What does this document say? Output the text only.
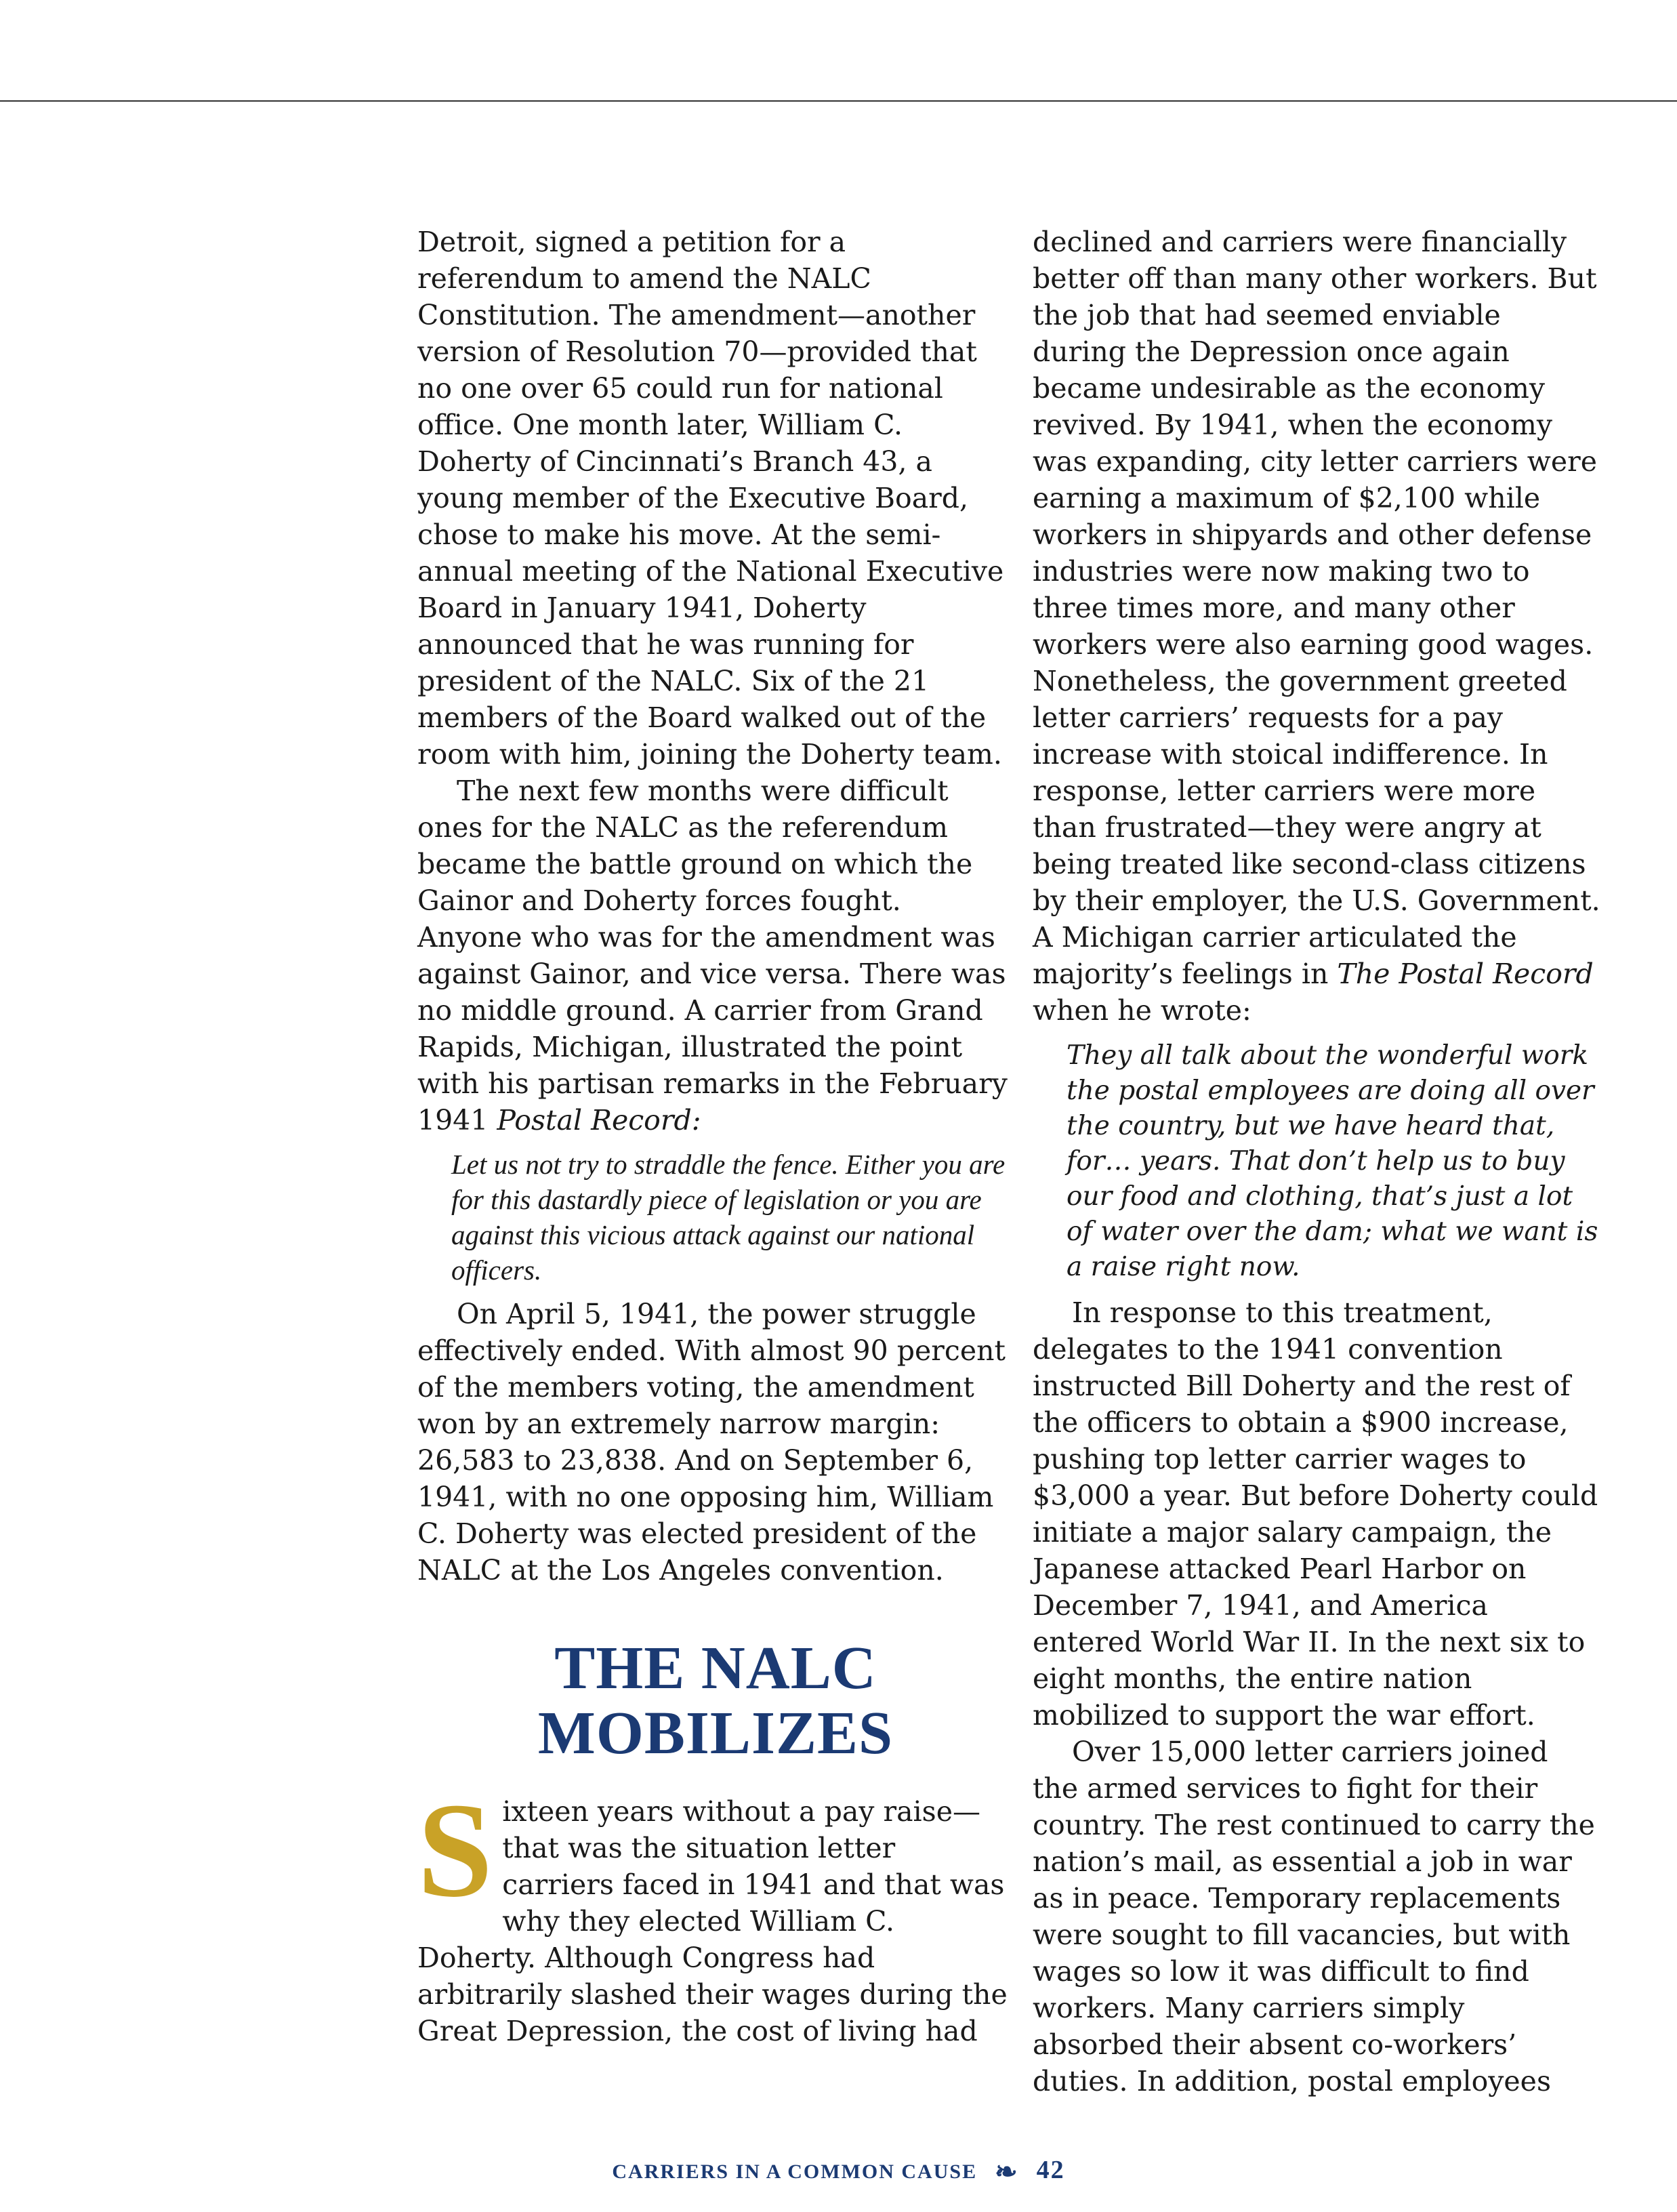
Detroit, signed a petition for a referendum to amend the NALC Constitution. The amendment—another version of Resolution 70—provided that no one over 65 could run for national office. One month later, William C. Doherty of Cincinnati’s Branch 43, a young member of the Executive Board, chose to make his move. At the semi-annual meeting of the National Executive Board in January 1941, Doherty announced that he was running for president of the NALC. Six of the 21 members of the Board walked out of the room with him, joining the Doherty team.

The next few months were difficult ones for the NALC as the referendum became the battle ground on which the Gainor and Doherty forces fought. Anyone who was for the amendment was against Gainor, and vice versa. There was no middle ground. A carrier from Grand Rapids, Michigan, illustrated the point with his partisan remarks in the February 1941 Postal Record:

Let us not try to straddle the fence. Either you are for this dastardly piece of legislation or you are against this vicious attack against our national officers.

On April 5, 1941, the power struggle effectively ended. With almost 90 percent of the members voting, the amendment won by an extremely narrow margin: 26,583 to 23,838. And on September 6, 1941, with no one opposing him, William C. Doherty was elected president of the NALC at the Los Angeles convention.

THE NALC
MOBILIZES

Sixteen years without a pay raise—that was the situation letter carriers faced in 1941 and that was why they elected William C. Doherty. Although Congress had arbitrarily slashed their wages during the Great Depression, the cost of living had

declined and carriers were financially better off than many other workers. But the job that had seemed enviable during the Depression once again became undesirable as the economy revived. By 1941, when the economy was expanding, city letter carriers were earning a maximum of $2,100 while workers in shipyards and other defense industries were now making two to three times more, and many other workers were also earning good wages. Nonetheless, the government greeted letter carriers’ requests for a pay increase with stoical indifference. In response, letter carriers were more than frustrated—they were angry at being treated like second-class citizens by their employer, the U.S. Government. A Michigan carrier articulated the majority’s feelings in The Postal Record when he wrote:

They all talk about the wonderful work the postal employees are doing all over the country, but we have heard that, for… years. That don’t help us to buy our food and clothing, that’s just a lot of water over the dam; what we want is a raise right now.

In response to this treatment, delegates to the 1941 convention instructed Bill Doherty and the rest of the officers to obtain a $900 increase, pushing top letter carrier wages to $3,000 a year. But before Doherty could initiate a major salary campaign, the Japanese attacked Pearl Harbor on December 7, 1941, and America entered World War II. In the next six to eight months, the entire nation mobilized to support the war effort.

Over 15,000 letter carriers joined the armed services to fight for their country. The rest continued to carry the nation’s mail, as essential a job in war as in peace. Temporary replacements were sought to fill vacancies, but with wages so low it was difficult to find workers. Many carriers simply absorbed their absent co-workers’ duties. In addition, postal employees

CARRIERS IN A COMMON CAUSE ❧ 42
